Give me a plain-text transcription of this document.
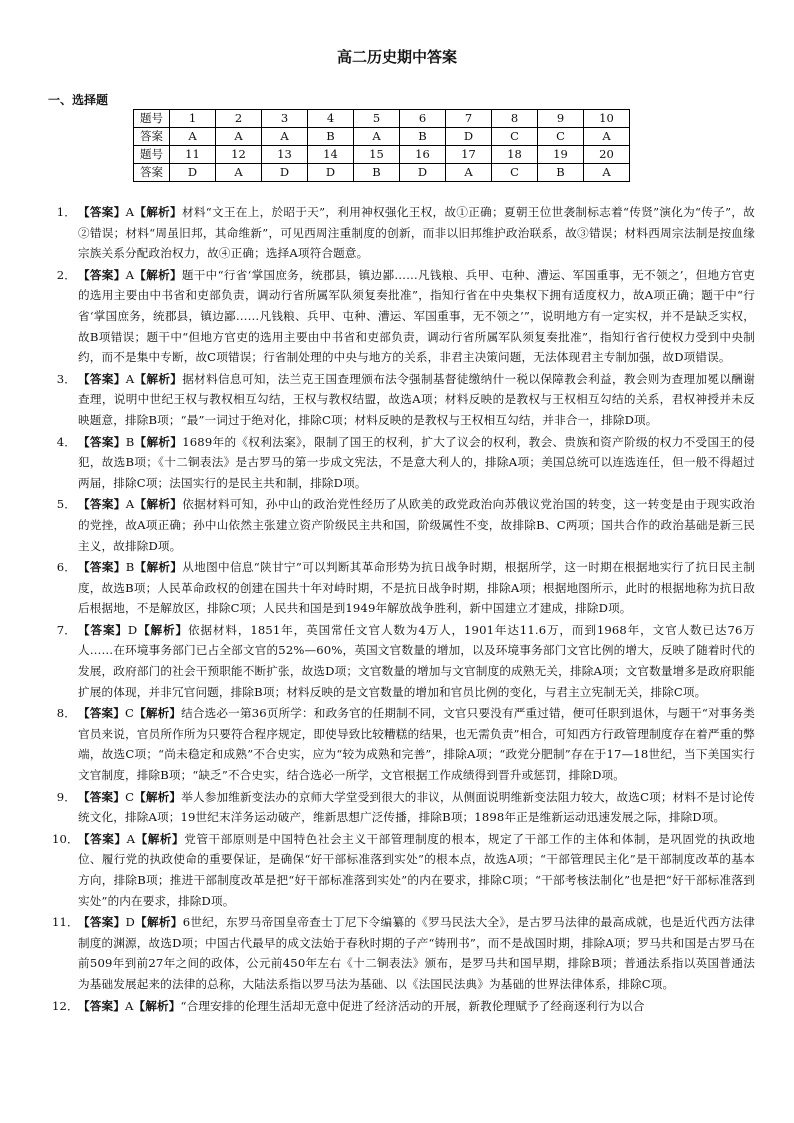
高二历史期中答案
一、选择题
题号	1	2	3	4	5	6	7	8	9	10
答案	A	A	A	B	A	B	D	C	C	A
题号	11	12	13	14	15	16	17	18	19	20
答案	D	A	D	D	B	D	A	C	B	A
1． 【答案】A【解析】材料“文王在上，於昭于天”，利用神权强化王权，故①正确；夏朝王位世袭制标志着“传贤”演化为“传子”，故②错误；材料“周虽旧邦，其命维新”，可见西周注重制度的创新，而非以旧邦维护政治联系，故③错误；材料西周宗法制是按血缘宗族关系分配政治权力，故④正确；选择A项符合题意。
2． 【答案】A【解析】题干中“行省‘掌国庶务，统郡县，镇边鄙……凡钱粮、兵甲、屯种、漕运、军国重事，无不领之’，但地方官吏的选用主要由中书省和吏部负责，调动行省所属军队须复奏批准”，指知行省在中央集权下拥有适度权力，故A项正确；题干中“行省‘掌国庶务，统郡县，镇边鄙……凡钱粮、兵甲、屯种、漕运、军国重事，无不领之’”，说明地方有一定实权，并不是缺乏实权，故B项错误；题干中“但地方官吏的选用主要由中书省和吏部负责，调动行省所属军队须复奏批准”，指知行省行使权力受到中央制约，而不是集中专断，故C项错误；行省制处理的中央与地方的关系，非君主决策问题，无法体现君主专制加强，故D项错误。
3． 【答案】A【解析】据材料信息可知，法兰克王国查理颁布法令强制基督徒缴纳什一税以保障教会利益，教会则为查理加冕以酬谢查理，说明中世纪王权与教权相互勾结，王权与教权结盟，故选A项；材料反映的是教权与王权相互勾结的关系，君权神授并未反映题意，排除B项；“最”一词过于绝对化，排除C项；材料反映的是教权与王权相互勾结，并非合一，排除D项。
4． 【答案】B【解析】1689年的《权利法案》，限制了国王的权利，扩大了议会的权利，教会、贵族和资产阶级的权力不受国王的侵犯，故选B项；《十二铜表法》是古罗马的第一步成文宪法，不是意大利人的，排除A项；美国总统可以连选连任，但一般不得超过两届，排除C项；法国实行的是民主共和制，排除D项。
5． 【答案】A【解析】依据材料可知，孙中山的政治党性经历了从欧美的政党政治向苏俄议党治国的转变，这一转变是由于现实政治的党挫，故A项正确；孙中山依然主张建立资产阶级民主共和国，阶级属性不变，故排除B、C两项；国共合作的政治基础是新三民主义，故排除D项。
6． 【答案】B【解析】从地图中信息“陕甘宁”可以判断其革命形势为抗日战争时期，根据所学，这一时期在根据地实行了抗日民主制度，故选B项；人民革命政权的创建在国共十年对峙时期，不是抗日战争时期，排除A项；根据地图所示，此时的根据地称为抗日敌后根据地，不是解放区，排除C项；人民共和国是到1949年解放战争胜利，新中国建立才建成，排除D项。
7． 【答案】D【解析】依据材料，1851年，英国常任文官人数为4万人，1901年达11.6万，而到1968年，文官人数已达76万人……在环境事务部门已占全部文官的52%—60%，英国文官数量的增加，以及环境事务部门文官比例的增大，反映了随着时代的发展，政府部门的社会干预职能不断扩张，故选D项；文官数量的增加与文官制度的成熟无关，排除A项；文官数量增多是政府职能扩展的体现，并非冗官问题，排除B项；材料反映的是文官数量的增加和官员比例的变化，与君主立宪制无关，排除C项。
8． 【答案】C【解析】结合选必一第36页所学：和政务官的任期制不同，文官只要没有严重过错，便可任职到退休，与题干“对事务类官员来说，官员所作所为只要符合程序规定，即使导致比较糟糕的结果，也无需负责”相合，可知西方行政管理制度存在着严重的弊端，故选C项；“尚未稳定和成熟”不合史实，应为“较为成熟和完善”，排除A项；“政党分肥制”存在于17—18世纪，当下美国实行文官制度，排除B项；“缺乏”不合史实，结合选必一所学，文官根据工作成绩得到晋升或惩罚，排除D项。
9． 【答案】C【解析】举人参加维新变法办的京师大学堂受到很大的非议，从侧面说明维新变法阻力较大，故选C项；材料不是讨论传统文化，排除A项；19世纪末洋务运动破产，维新思想广泛传播，排除B项；1898年正是维新运动迅速发展之际，排除D项。
10． 【答案】A【解析】党管干部原则是中国特色社会主义干部管理制度的根本，规定了干部工作的主体和体制，是巩固党的执政地位、履行党的执政使命的重要保证，是确保“好干部标准落到实处”的根本点，故选A项；“干部管理民主化”是干部制度改革的基本方向，排除B项；推进干部制度改革是把“好干部标准落到实处”的内在要求，排除C项；“干部考核法制化”也是把“好干部标准落到实处”的内在要求，排除D项。
11． 【答案】D【解析】6世纪，东罗马帝国皇帝查士丁尼下令编纂的《罗马民法大全》，是古罗马法律的最高成就，也是近代西方法律制度的渊源，故选D项；中国古代最早的成文法始于春秋时期的子产“铸刑书”，而不是战国时期，排除A项；罗马共和国是古罗马在前509年到前27年之间的政体，公元前450年左右《十二铜表法》颁布，是罗马共和国早期，排除B项；普通法系指以英国普通法为基础发展起来的法律的总称，大陆法系指以罗马法为基础、以《法国民法典》为基础的世界法律体系，排除C项。
12． 【答案】A【解析】“合理安排的伦理生活却无意中促进了经济活动的开展，新教伦理赋予了经商逐利行为以合
